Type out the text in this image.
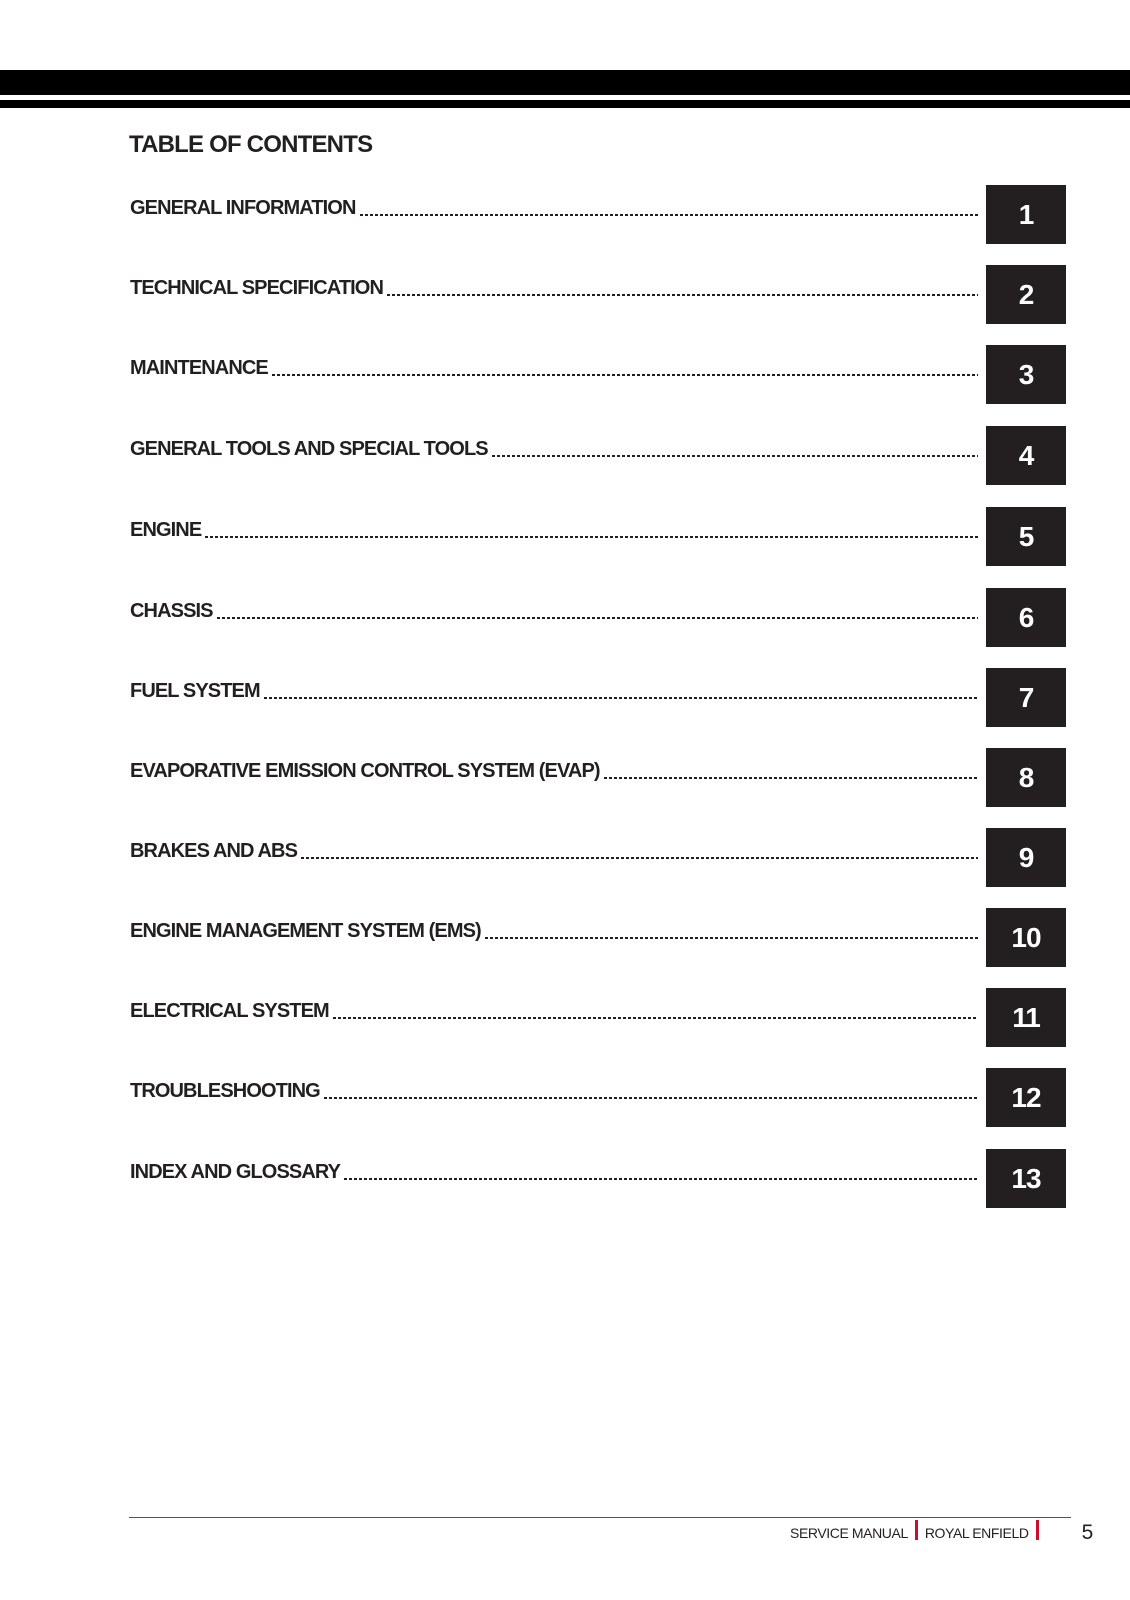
TABLE OF CONTENTS
GENERAL INFORMATION	1
TECHNICAL SPECIFICATION	2
MAINTENANCE	3
GENERAL TOOLS AND SPECIAL TOOLS	4
ENGINE	5
CHASSIS	6
FUEL SYSTEM	7
EVAPORATIVE EMISSION CONTROL SYSTEM (EVAP)	8
BRAKES AND ABS	9
ENGINE MANAGEMENT SYSTEM (EMS)	10
ELECTRICAL SYSTEM	11
TROUBLESHOOTING	12
INDEX AND GLOSSARY	13
SERVICE MANUAL ROYAL ENFIELD	5
